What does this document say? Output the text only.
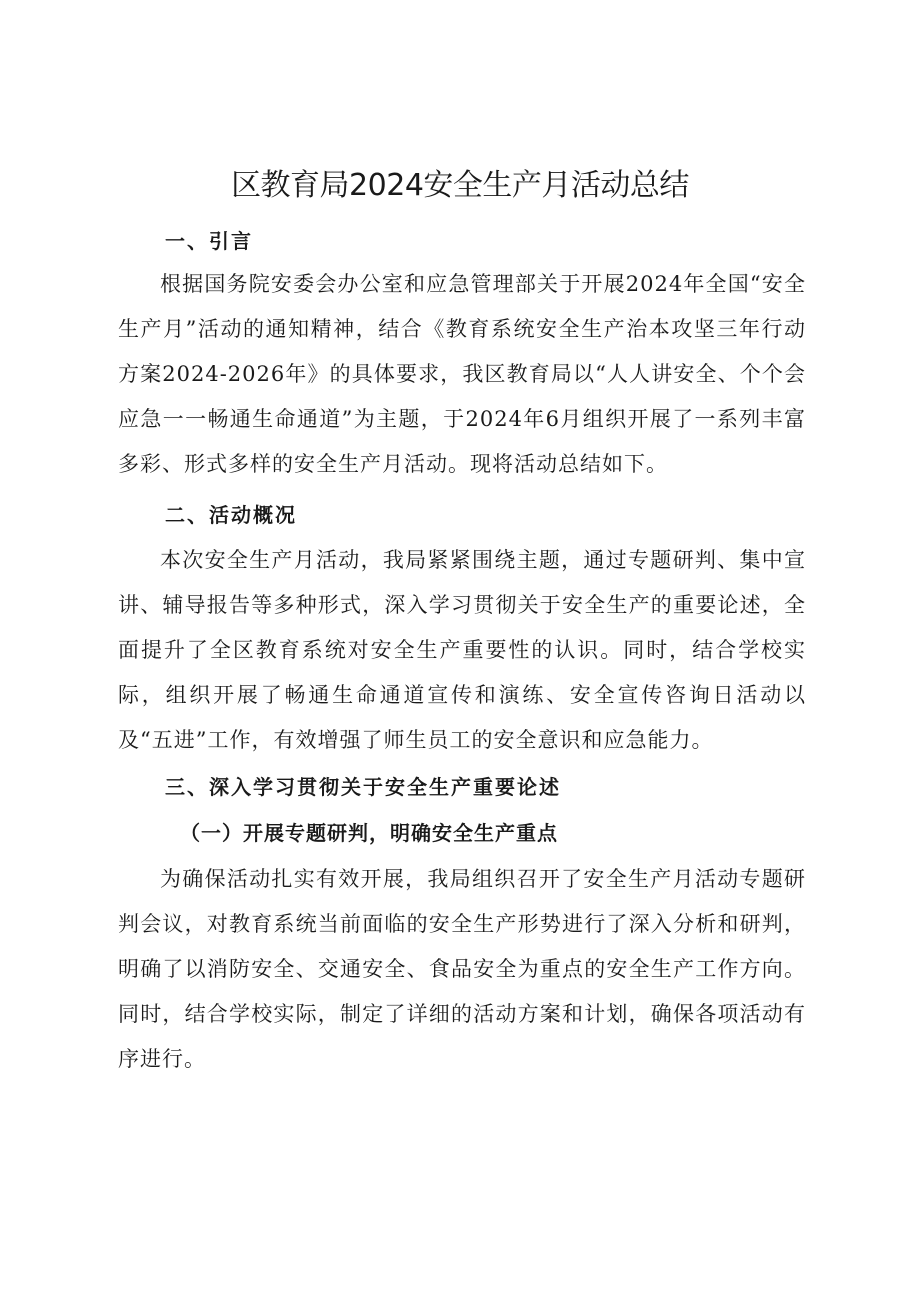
区教育局2024安全生产月活动总结
一、引言

根据国务院安委会办公室和应急管理部关于开展2024年全国“安全生产月”活动的通知精神，结合《教育系统安全生产治本攻坚三年行动方案2024-2026年》的具体要求，我区教育局以“人人讲安全、个个会应急一一畅通生命通道”为主题，于2024年6月组织开展了一系列丰富多彩、形式多样的安全生产月活动。现将活动总结如下。

二、活动概况

本次安全生产月活动，我局紧紧围绕主题，通过专题研判、集中宣讲、辅导报告等多种形式，深入学习贯彻关于安全生产的重要论述，全面提升了全区教育系统对安全生产重要性的认识。同时，结合学校实际，组织开展了畅通生命通道宣传和演练、安全宣传咨询日活动以及“五进”工作，有效增强了师生员工的安全意识和应急能力。

三、深入学习贯彻关于安全生产重要论述
（一）开展专题研判，明确安全生产重点

为确保活动扎实有效开展，我局组织召开了安全生产月活动专题研判会议，对教育系统当前面临的安全生产形势进行了深入分析和研判，明确了以消防安全、交通安全、食品安全为重点的安全生产工作方向。同时，结合学校实际，制定了详细的活动方案和计划，确保各项活动有序进行。
